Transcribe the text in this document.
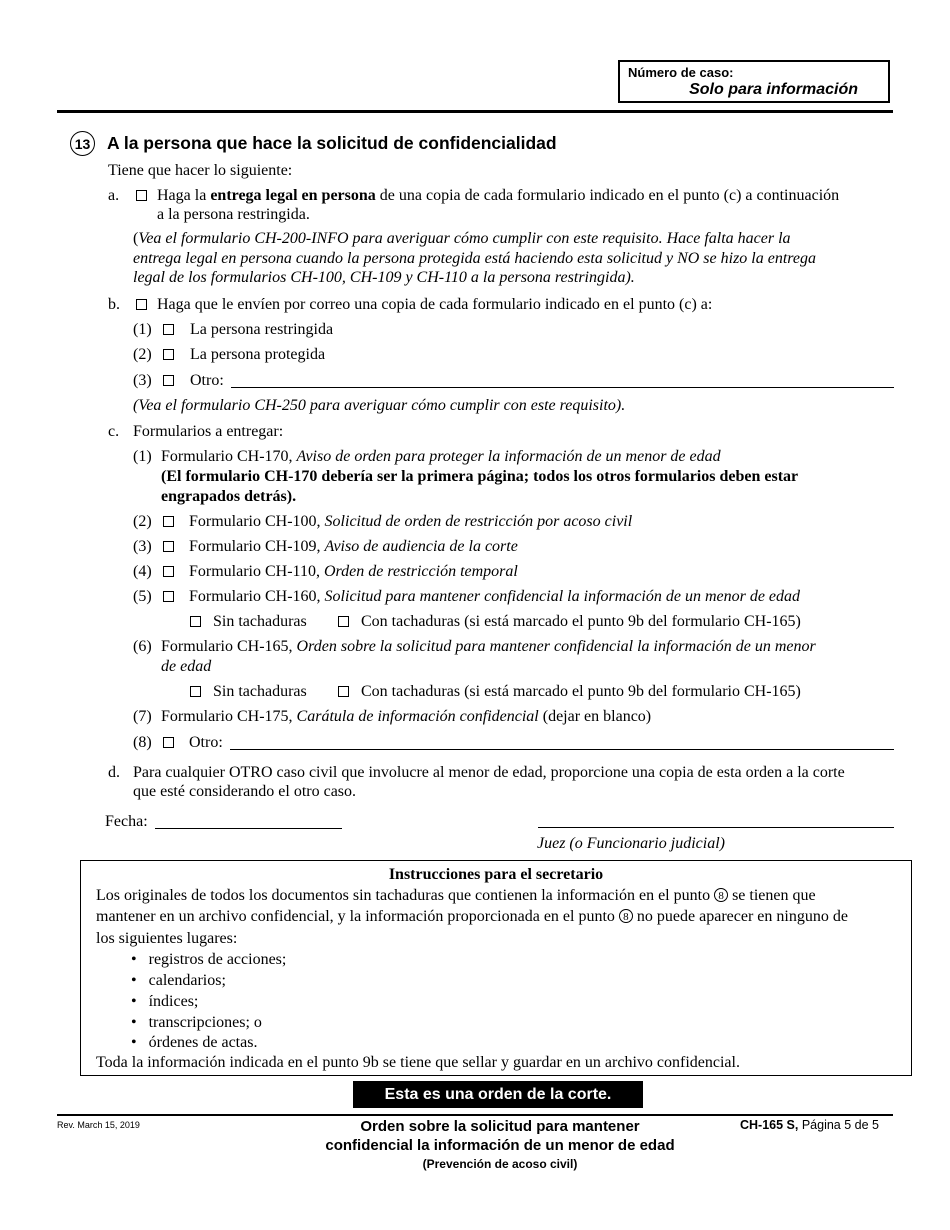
Número de caso:
Solo para información
13 A la persona que hace la solicitud de confidencialidad
Tiene que hacer lo siguiente:
a. Haga la entrega legal en persona de una copia de cada formulario indicado en el punto (c) a continuación
a la persona restringida.
(Vea el formulario CH-200-INFO para averiguar cómo cumplir con este requisito. Hace falta hacer la
entrega legal en persona cuando la persona protegida está haciendo esta solicitud y NO se hizo la entrega
legal de los formularios CH-100, CH-109 y CH-110 a la persona restringida).
b. Haga que le envíen por correo una copia de cada formulario indicado en el punto (c) a:
(1) La persona restringida
(2) La persona protegida
(3) Otro:
(Vea el formulario CH-250 para averiguar cómo cumplir con este requisito).
c. Formularios a entregar:
(1) Formulario CH-170, Aviso de orden para proteger la información de un menor de edad
(El formulario CH-170 debería ser la primera página; todos los otros formularios deben estar
engrapados detrás).
(2) Formulario CH-100, Solicitud de orden de restricción por acoso civil
(3) Formulario CH-109, Aviso de audiencia de la corte
(4) Formulario CH-110, Orden de restricción temporal
(5) Formulario CH-160, Solicitud para mantener confidencial la información de un menor de edad
Sin tachaduras	Con tachaduras (si está marcado el punto 9b del formulario CH-165)
(6) Formulario CH-165, Orden sobre la solicitud para mantener confidencial la información de un menor
de edad
Sin tachaduras	Con tachaduras (si está marcado el punto 9b del formulario CH-165)
(7) Formulario CH-175, Carátula de información confidencial (dejar en blanco)
(8) Otro:
d. Para cualquier OTRO caso civil que involucre al menor de edad, proporcione una copia de esta orden a la corte
que esté considerando el otro caso.
Fecha:
Juez (o Funcionario judicial)
Instrucciones para el secretario
Los originales de todos los documentos sin tachaduras que contienen la información en el punto 8 se tienen que
mantener en un archivo confidencial, y la información proporcionada en el punto 8 no puede aparecer en ninguno de
los siguientes lugares:
•   registros de acciones;
•   calendarios;
•   índices;
•   transcripciones; o
•   órdenes de actas.
Toda la información indicada en el punto 9b se tiene que sellar y guardar en un archivo confidencial.
Esta es una orden de la corte.
Rev. March 15, 2019	Orden sobre la solicitud para mantener
confidencial la información de un menor de edad
(Prevención de acoso civil)
CH-165 S, Página 5 de 5
